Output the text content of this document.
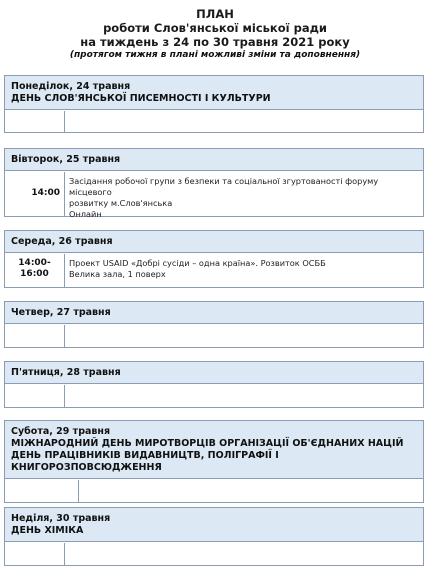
ПЛАН
роботи Слов'янської міської ради
на тиждень з 24 по 30 травня 2021 року
(протягом тижня в плані можливі зміни та доповнення)
Понеділок, 24 травня
ДЕНЬ СЛОВ'ЯНСЬКОЇ ПИСЕМНОСТІ І КУЛЬТУРИ
Вівторок, 25 травня
14:00
Засідання робочої групи з безпеки та соціальної згуртованості форуму місцевого
розвитку м.Слов'янська
Онлайн
Середа, 26 травня
14:00-
16:00
Проект USAID «Добрі сусіди – одна країна». Розвиток ОСББ
Велика зала, 1 поверх
Четвер, 27 травня
П'ятниця, 28 травня
Субота, 29 травня
МІЖНАРОДНИЙ ДЕНЬ МИРОТВОРЦІВ ОРГАНІЗАЦІЇ ОБ'ЄДНАНИХ НАЦІЙ
ДЕНЬ ПРАЦІВНИКІВ ВИДАВНИЦТВ, ПОЛІГРАФІЇ І КНИГОРОЗПОВСЮДЖЕННЯ
Неділя, 30 травня
ДЕНЬ ХІМІКА
